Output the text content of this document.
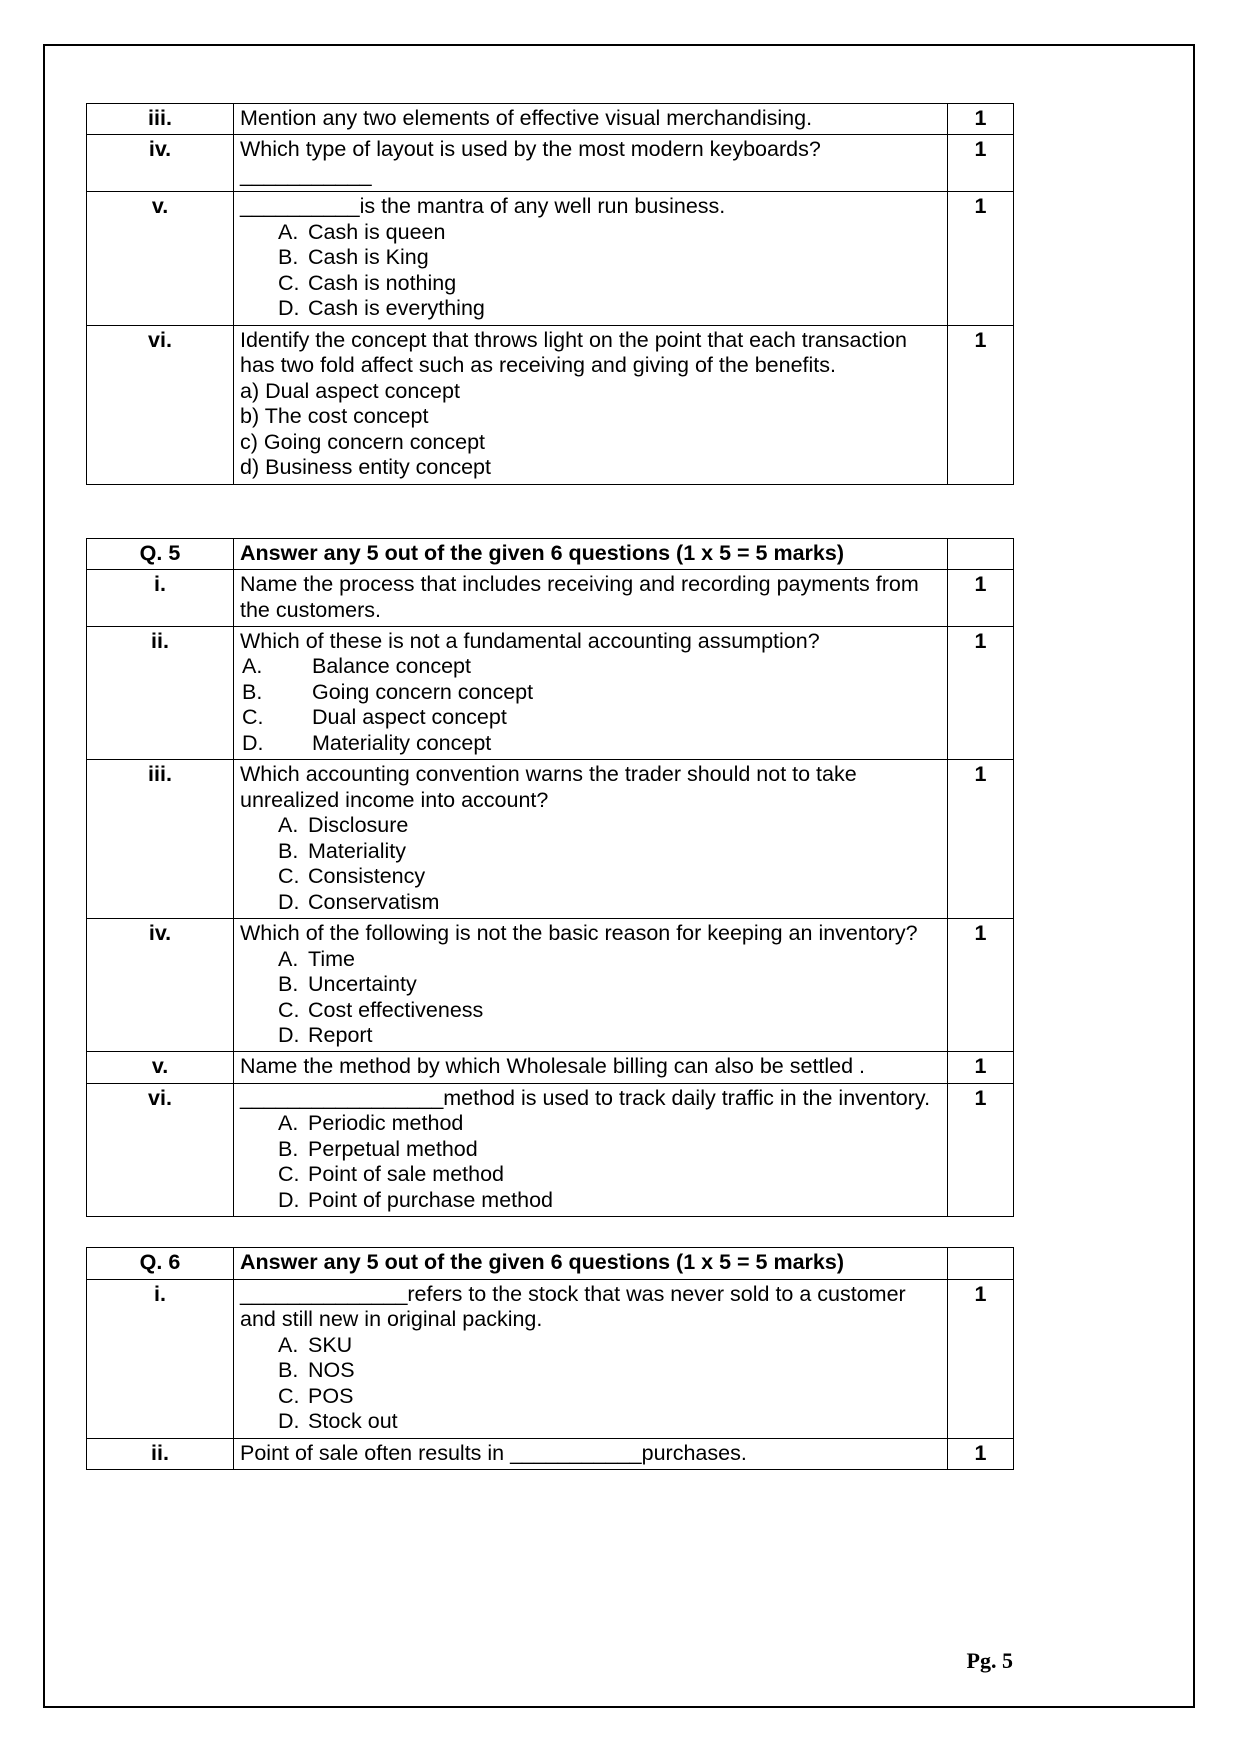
iii.	Mention any two elements of effective visual merchandising.	1
iv.	Which type of layout is used by the most modern keyboards?___________	1
v.	__________is the mantra of any well run business.
A. Cash is queen
B. Cash is King
C. Cash is nothing
D. Cash is everything
	1
vi.	Identify the concept that throws light on the point that each transaction has two fold affect such as receiving and giving of the benefits.
a) Dual aspect concept
b) The cost concept
c) Going concern concept
d) Business entity concept
	1
Q. 5	Answer any 5 out of the given 6 questions (1 x 5 = 5 marks)	
i.	Name the process that includes receiving and recording payments from the customers.	1
ii.	Which of these is not a fundamental accounting assumption?
A. Balance concept
B. Going concern concept
C. Dual aspect concept
D. Materiality concept
	1
iii.	Which accounting convention warns the trader should not to take unrealized income into account?
A. Disclosure
B. Materiality
C. Consistency
D. Conservatism
	1
iv.	Which of the following is not the basic reason for keeping an inventory?
A. Time
B. Uncertainty
C. Cost effectiveness
D. Report
	1
v.	Name the method by which Wholesale billing can also be settled .	1
vi.	_________________method is used to track daily traffic in the inventory.
A. Periodic method
B. Perpetual method
C. Point of sale method
D. Point of purchase method
	1
Q. 6	Answer any 5 out of the given 6 questions (1 x 5 = 5 marks)	
i.	______________refers to the stock that was never sold to a customer and still new in original packing.
A. SKU
B. NOS
C. POS
D. Stock out
	1
ii.	Point of sale often results in ___________purchases.	1
Pg. 5
